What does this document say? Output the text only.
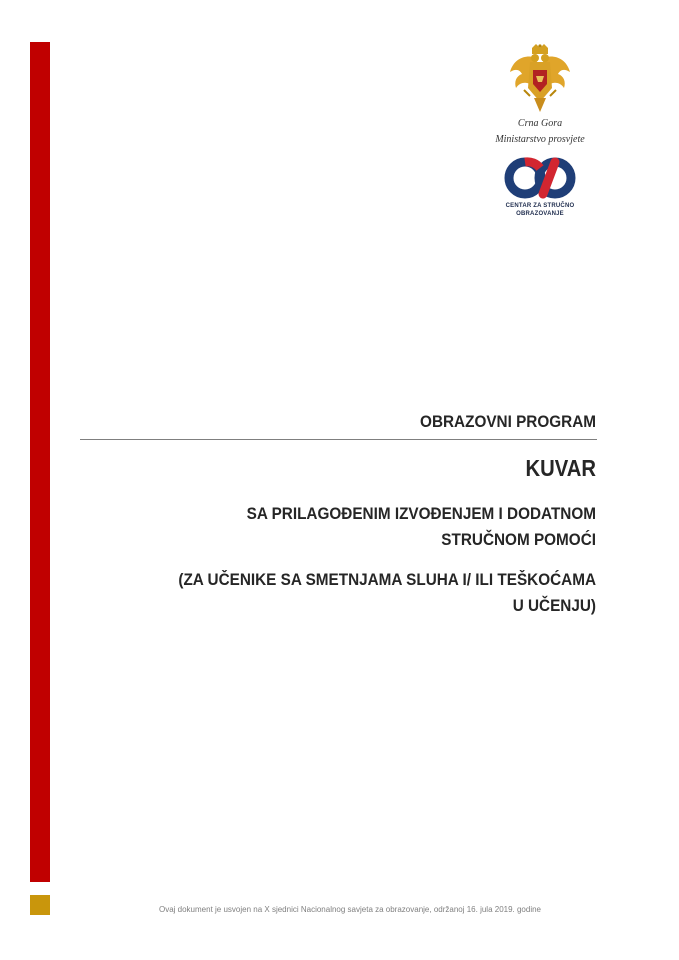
Crna Gora
Ministarstvo prosvjete
CENTAR ZA STRUČNO
OBRAZOVANJE
OBRAZOVNI PROGRAM
KUVAR
SA PRILAGOĐENIM IZVOĐENJEM I DODATNOM
STRUČNOM POMOĆI
(ZA UČENIKE SA SMETNJAMA SLUHA I/ ILI TEŠKOĆAMA
U UČENJU)
Ovaj dokument je usvojen na X sjednici Nacionalnog savjeta za obrazovanje, održanoj 16. jula 2019. godine
